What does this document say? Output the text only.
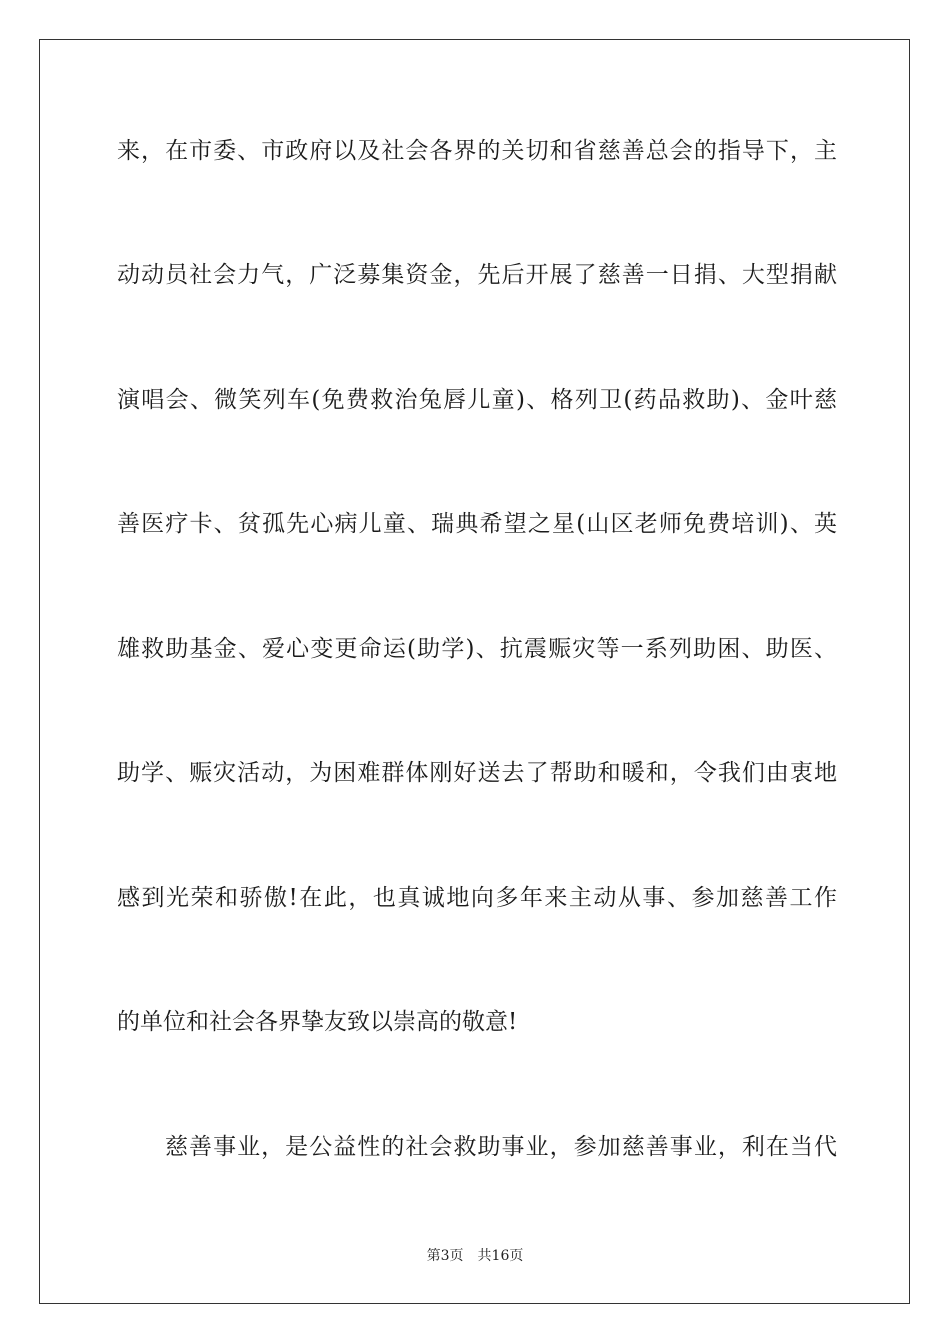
来，在市委、市政府以及社会各界的关切和省慈善总会的指导下，主
动动员社会力气，广泛募集资金，先后开展了慈善一日捐、大型捐献
演唱会、微笑列车(免费救治兔唇儿童)、格列卫(药品救助)、金叶慈
善医疗卡、贫孤先心病儿童、瑞典希望之星(山区老师免费培训)、英
雄救助基金、爱心变更命运(助学)、抗震赈灾等一系列助困、助医、
助学、赈灾活动，为困难群体刚好送去了帮助和暖和，令我们由衷地
感到光荣和骄傲!在此，也真诚地向多年来主动从事、参加慈善工作
的单位和社会各界挚友致以崇高的敬意!
慈善事业，是公益性的社会救助事业，参加慈善事业，利在当代
第3页　共16页
